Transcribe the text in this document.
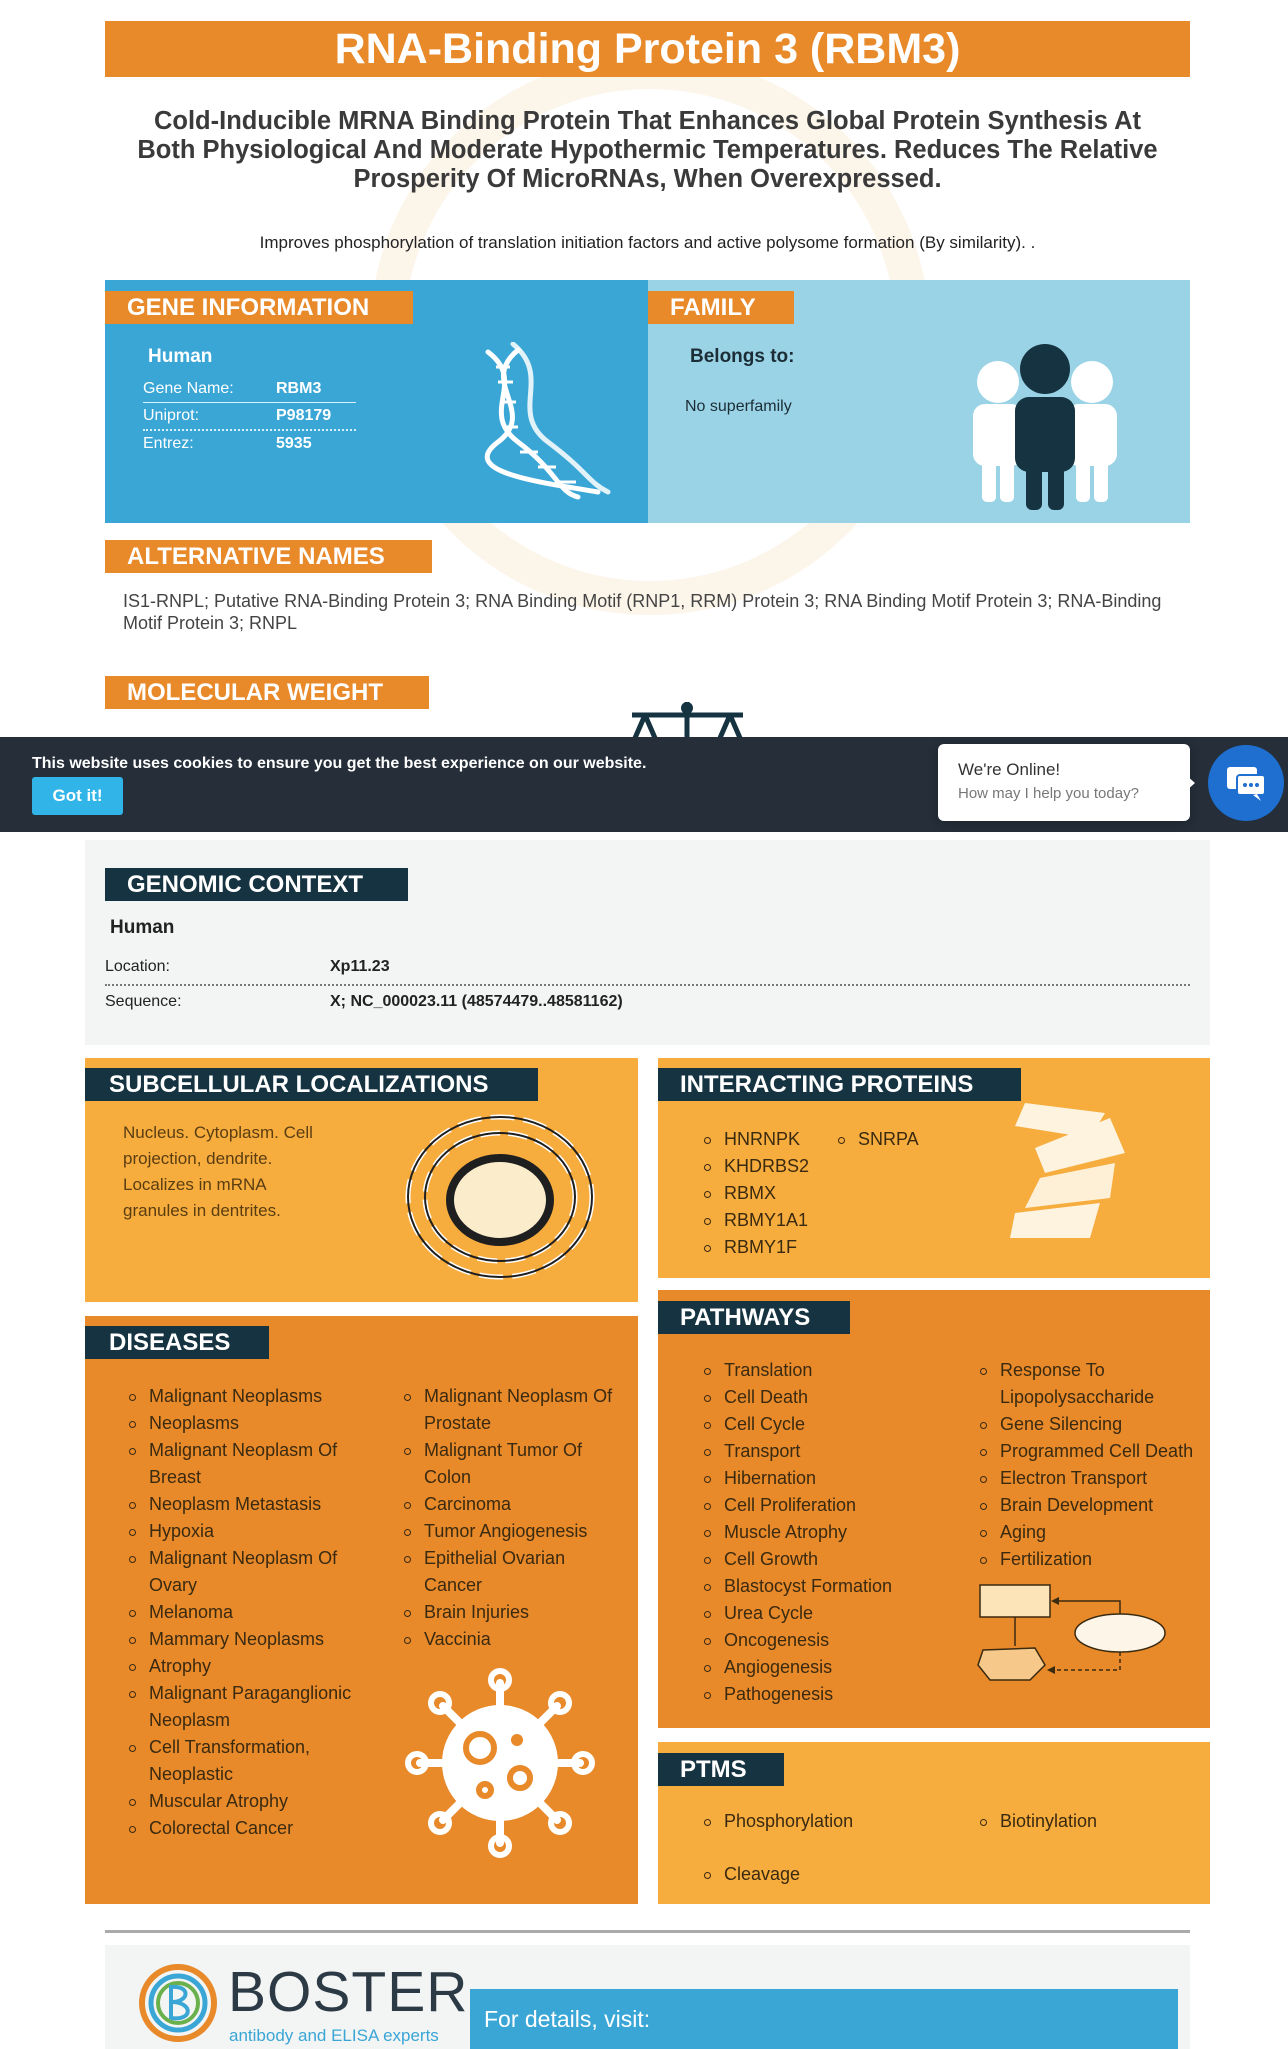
RNA-Binding Protein 3 (RBM3)
Cold-Inducible MRNA Binding Protein That Enhances Global Protein Synthesis At Both Physiological And Moderate Hypothermic Temperatures. Reduces The Relative Prosperity Of MicroRNAs, When Overexpressed.
Improves phosphorylation of translation initiation factors and active polysome formation (By similarity). .
GENE INFORMATION
Human
Gene Name:	RBM3
Uniprot:	P98179
Entrez:	5935
FAMILY
Belongs to:
No superfamily
ALTERNATIVE NAMES
IS1-RNPL; Putative RNA-Binding Protein 3; RNA Binding Motif (RNP1, RRM) Protein 3; RNA Binding Motif Protein 3; RNA-Binding Motif Protein 3; RNPL
MOLECULAR WEIGHT
This website uses cookies to ensure you get the best experience on our website.
Got it!
We're Online!
How may I help you today?
GENOMIC CONTEXT
Human
Location:	Xp11.23
Sequence:	X; NC_000023.11 (48574479..48581162)
SUBCELLULAR LOCALIZATIONS
Nucleus. Cytoplasm. Cell projection, dendrite. Localizes in mRNA granules in dentrites.
INTERACTING PROTEINS
HNRNPK
KHDRBS2
RBMX
RBMY1A1
RBMY1F
SNRPA
DISEASES
Malignant Neoplasms
Neoplasms
Malignant Neoplasm Of Breast
Neoplasm Metastasis
Hypoxia
Malignant Neoplasm Of Ovary
Melanoma
Mammary Neoplasms
Atrophy
Malignant Paraganglionic Neoplasm
Cell Transformation, Neoplastic
Muscular Atrophy
Colorectal Cancer
Malignant Neoplasm Of Prostate
Malignant Tumor Of Colon
Carcinoma
Tumor Angiogenesis
Epithelial Ovarian Cancer
Brain Injuries
Vaccinia
PATHWAYS
Translation
Cell Death
Cell Cycle
Transport
Hibernation
Cell Proliferation
Muscle Atrophy
Cell Growth
Blastocyst Formation
Urea Cycle
Oncogenesis
Angiogenesis
Pathogenesis
Response To Lipopolysaccharide
Gene Silencing
Programmed Cell Death
Electron Transport
Brain Development
Aging
Fertilization
PTMS
Phosphorylation
Cleavage
Biotinylation
BOSTER
antibody and ELISA experts
For details, visit:
